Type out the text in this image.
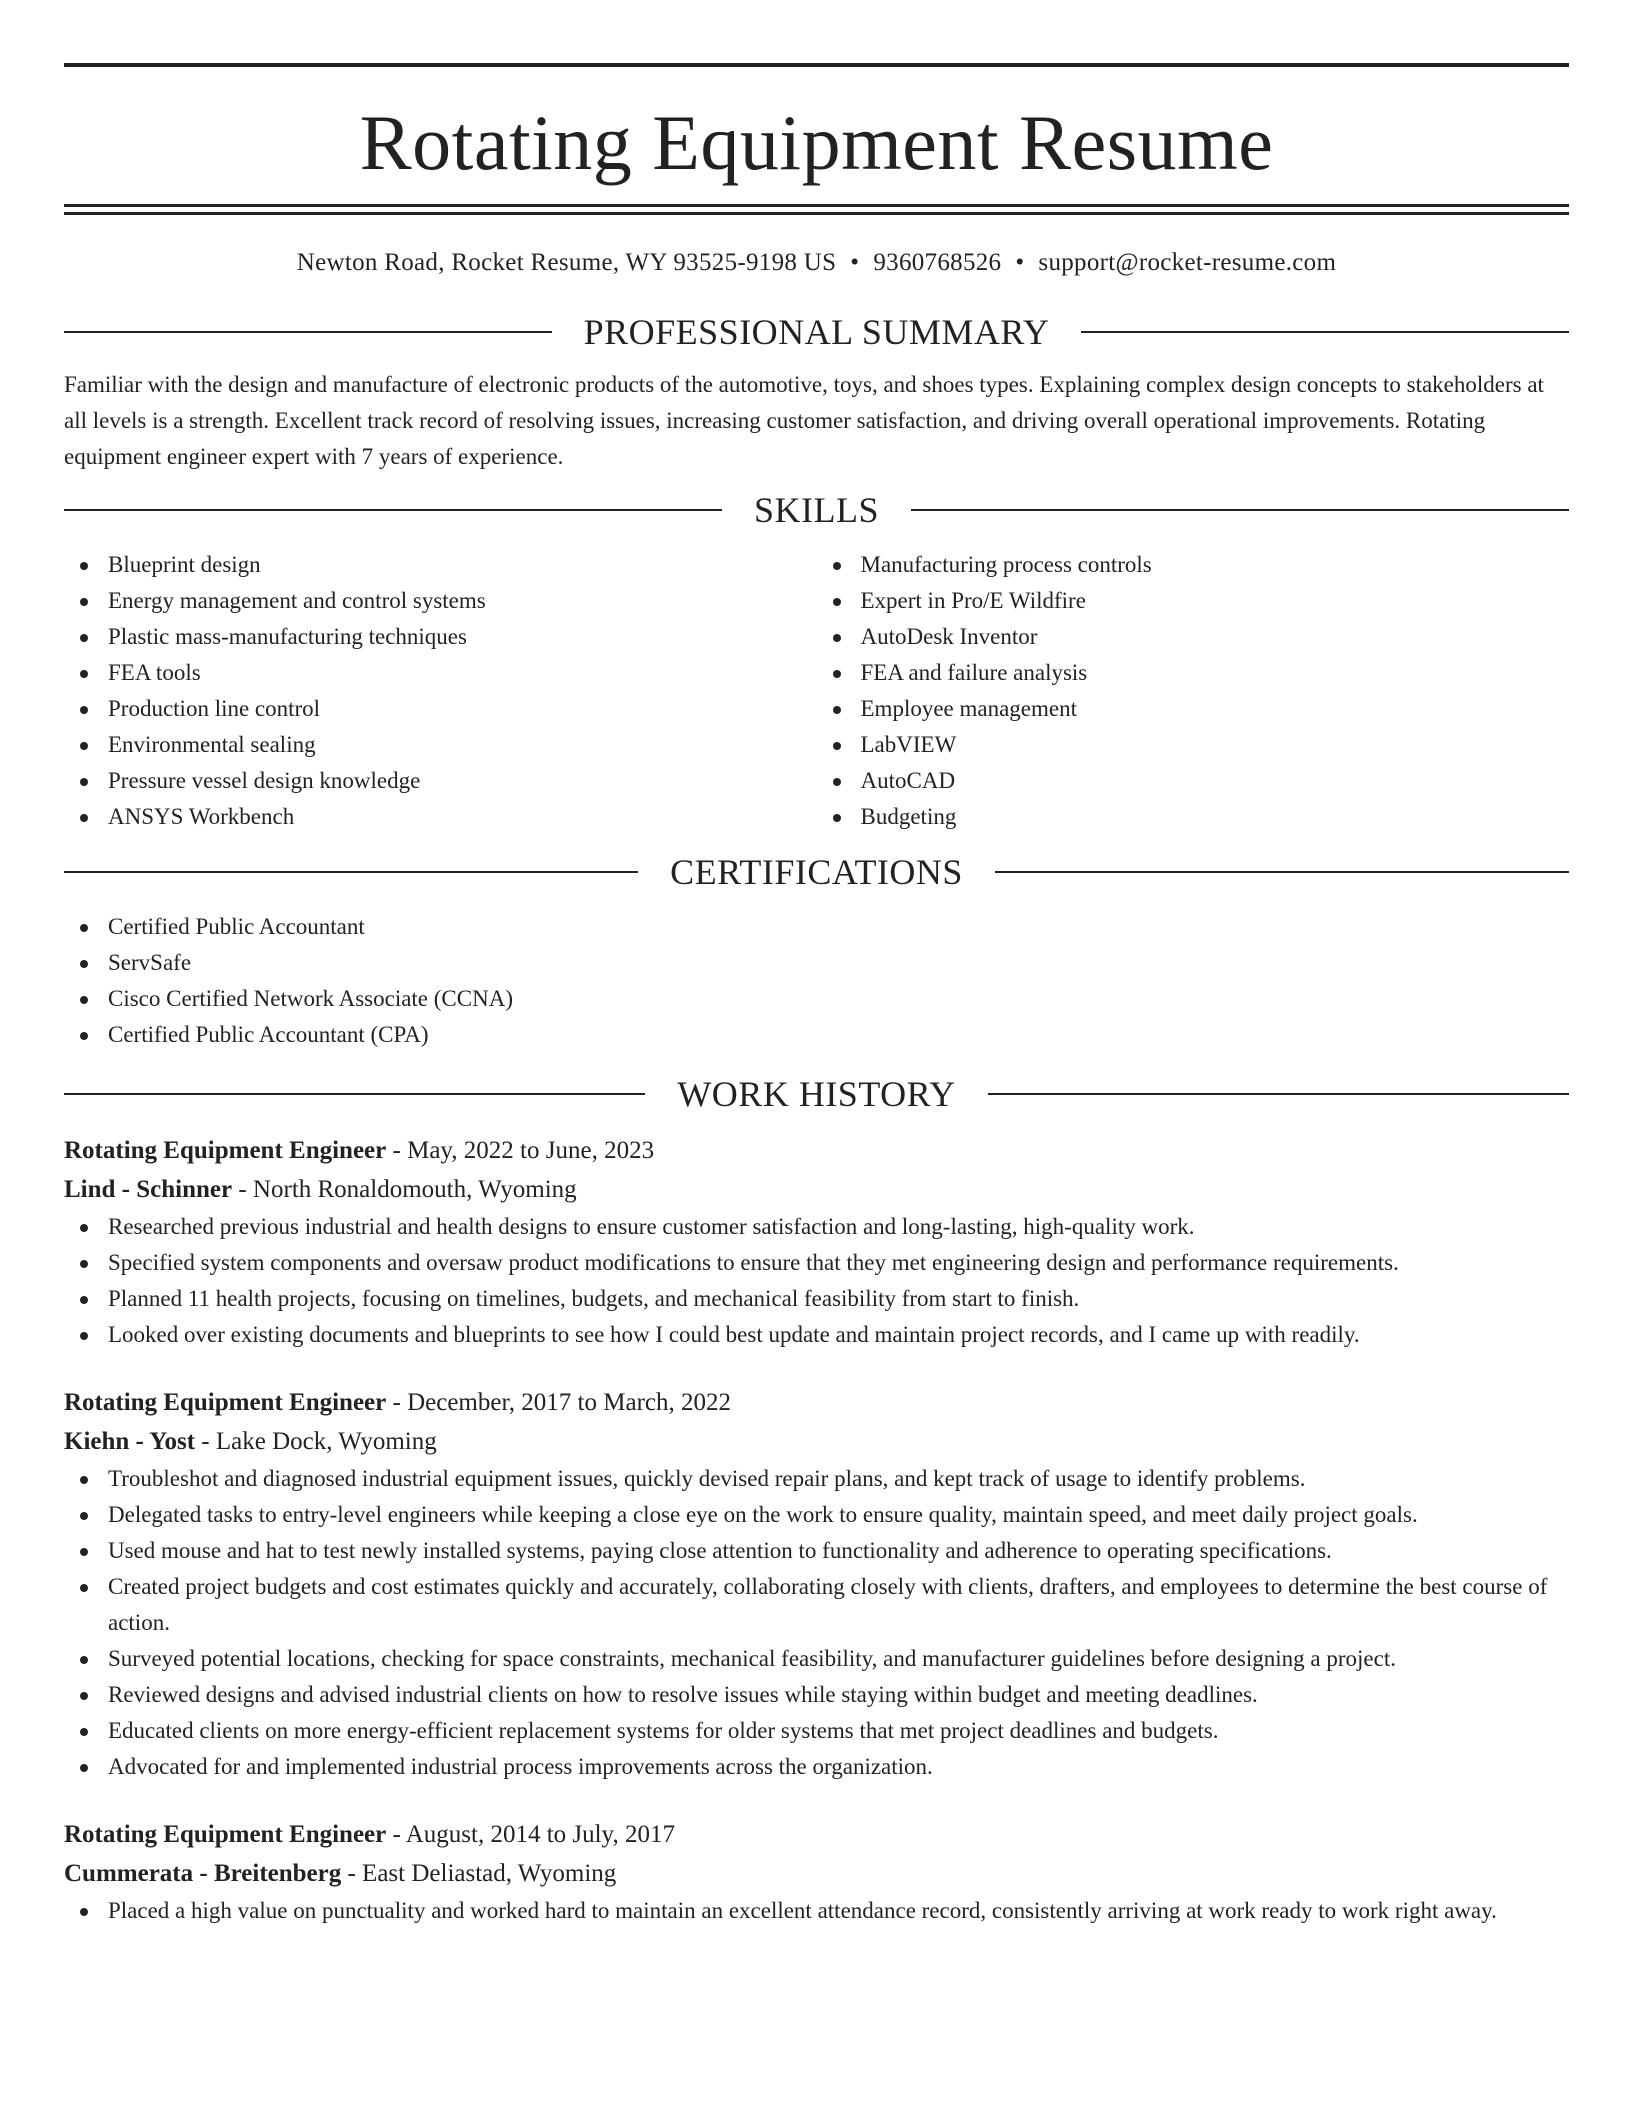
Rotating Equipment Resume
Newton Road, Rocket Resume, WY 93525-9198 US • 9360768526 • support@rocket-resume.com
PROFESSIONAL SUMMARY
Familiar with the design and manufacture of electronic products of the automotive, toys, and shoes types. Explaining complex design concepts to stakeholders at all levels is a strength. Excellent track record of resolving issues, increasing customer satisfaction, and driving overall operational improvements. Rotating equipment engineer expert with 7 years of experience.
SKILLS
Blueprint design
Energy management and control systems
Plastic mass-manufacturing techniques
FEA tools
Production line control
Environmental sealing
Pressure vessel design knowledge
ANSYS Workbench
Manufacturing process controls
Expert in Pro/E Wildfire
AutoDesk Inventor
FEA and failure analysis
Employee management
LabVIEW
AutoCAD
Budgeting
CERTIFICATIONS
Certified Public Accountant
ServSafe
Cisco Certified Network Associate (CCNA)
Certified Public Accountant (CPA)
WORK HISTORY
Rotating Equipment Engineer - May, 2022 to June, 2023
Lind - Schinner - North Ronaldomouth, Wyoming
Researched previous industrial and health designs to ensure customer satisfaction and long-lasting, high-quality work.
Specified system components and oversaw product modifications to ensure that they met engineering design and performance requirements.
Planned 11 health projects, focusing on timelines, budgets, and mechanical feasibility from start to finish.
Looked over existing documents and blueprints to see how I could best update and maintain project records, and I came up with readily.
Rotating Equipment Engineer - December, 2017 to March, 2022
Kiehn - Yost - Lake Dock, Wyoming
Troubleshot and diagnosed industrial equipment issues, quickly devised repair plans, and kept track of usage to identify problems.
Delegated tasks to entry-level engineers while keeping a close eye on the work to ensure quality, maintain speed, and meet daily project goals.
Used mouse and hat to test newly installed systems, paying close attention to functionality and adherence to operating specifications.
Created project budgets and cost estimates quickly and accurately, collaborating closely with clients, drafters, and employees to determine the best course of action.
Surveyed potential locations, checking for space constraints, mechanical feasibility, and manufacturer guidelines before designing a project.
Reviewed designs and advised industrial clients on how to resolve issues while staying within budget and meeting deadlines.
Educated clients on more energy-efficient replacement systems for older systems that met project deadlines and budgets.
Advocated for and implemented industrial process improvements across the organization.
Rotating Equipment Engineer - August, 2014 to July, 2017
Cummerata - Breitenberg - East Deliastad, Wyoming
Placed a high value on punctuality and worked hard to maintain an excellent attendance record, consistently arriving at work ready to work right away.
